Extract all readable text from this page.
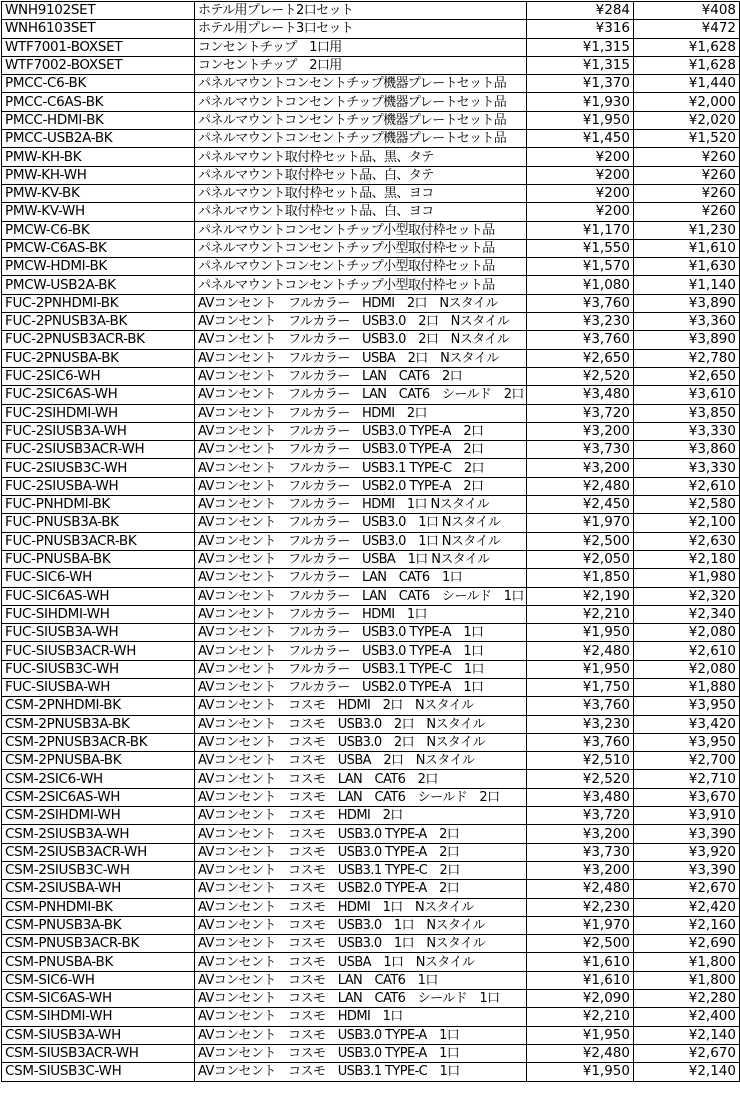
WNH9102SET	ホテル用プレート2口セット	¥284	¥408
WNH6103SET	ホテル用プレート3口セット	¥316	¥472
WTF7001-BOXSET	コンセントチップ　1口用	¥1,315	¥1,628
WTF7002-BOXSET	コンセントチップ　2口用	¥1,315	¥1,628
PMCC-C6-BK	パネルマウントコンセントチップ機器プレートセット品	¥1,370	¥1,440
PMCC-C6AS-BK	パネルマウントコンセントチップ機器プレートセット品	¥1,930	¥2,000
PMCC-HDMI-BK	パネルマウントコンセントチップ機器プレートセット品	¥1,950	¥2,020
PMCC-USB2A-BK	パネルマウントコンセントチップ機器プレートセット品	¥1,450	¥1,520
PMW-KH-BK	パネルマウント取付枠セット品、黒、タテ	¥200	¥260
PMW-KH-WH	パネルマウント取付枠セット品、白、タテ	¥200	¥260
PMW-KV-BK	パネルマウント取付枠セット品、黒、ヨコ	¥200	¥260
PMW-KV-WH	パネルマウント取付枠セット品、白、ヨコ	¥200	¥260
PMCW-C6-BK	パネルマウントコンセントチップ小型取付枠セット品	¥1,170	¥1,230
PMCW-C6AS-BK	パネルマウントコンセントチップ小型取付枠セット品	¥1,550	¥1,610
PMCW-HDMI-BK	パネルマウントコンセントチップ小型取付枠セット品	¥1,570	¥1,630
PMCW-USB2A-BK	パネルマウントコンセントチップ小型取付枠セット品	¥1,080	¥1,140
FUC-2PNHDMI-BK	AVコンセント　フルカラー　HDMI　2口　Nスタイル	¥3,760	¥3,890
FUC-2PNUSB3A-BK	AVコンセント　フルカラー　USB3.0　2口　Nスタイル	¥3,230	¥3,360
FUC-2PNUSB3ACR-BK	AVコンセント　フルカラー　USB3.0　2口　Nスタイル	¥3,760	¥3,890
FUC-2PNUSBA-BK	AVコンセント　フルカラー　USBA　2口　Nスタイル	¥2,650	¥2,780
FUC-2SIC6-WH	AVコンセント　フルカラー　LAN　CAT6　2口	¥2,520	¥2,650
FUC-2SIC6AS-WH	AVコンセント　フルカラー　LAN　CAT6　シールド　2口	¥3,480	¥3,610
FUC-2SIHDMI-WH	AVコンセント　フルカラー　HDMI　2口	¥3,720	¥3,850
FUC-2SIUSB3A-WH	AVコンセント　フルカラー　USB3.0 TYPE-A　2口	¥3,200	¥3,330
FUC-2SIUSB3ACR-WH	AVコンセント　フルカラー　USB3.0 TYPE-A　2口	¥3,730	¥3,860
FUC-2SIUSB3C-WH	AVコンセント　フルカラー　USB3.1 TYPE-C　2口	¥3,200	¥3,330
FUC-2SIUSBA-WH	AVコンセント　フルカラー　USB2.0 TYPE-A　2口	¥2,480	¥2,610
FUC-PNHDMI-BK	AVコンセント　フルカラー　HDMI　1口 Nスタイル	¥2,450	¥2,580
FUC-PNUSB3A-BK	AVコンセント　フルカラー　USB3.0　1口 Nスタイル	¥1,970	¥2,100
FUC-PNUSB3ACR-BK	AVコンセント　フルカラー　USB3.0　1口 Nスタイル	¥2,500	¥2,630
FUC-PNUSBA-BK	AVコンセント　フルカラー　USBA　1口 Nスタイル	¥2,050	¥2,180
FUC-SIC6-WH	AVコンセント　フルカラー　LAN　CAT6　1口	¥1,850	¥1,980
FUC-SIC6AS-WH	AVコンセント　フルカラー　LAN　CAT6　シールド　1口	¥2,190	¥2,320
FUC-SIHDMI-WH	AVコンセント　フルカラー　HDMI　1口	¥2,210	¥2,340
FUC-SIUSB3A-WH	AVコンセント　フルカラー　USB3.0 TYPE-A　1口	¥1,950	¥2,080
FUC-SIUSB3ACR-WH	AVコンセント　フルカラー　USB3.0 TYPE-A　1口	¥2,480	¥2,610
FUC-SIUSB3C-WH	AVコンセント　フルカラー　USB3.1 TYPE-C　1口	¥1,950	¥2,080
FUC-SIUSBA-WH	AVコンセント　フルカラー　USB2.0 TYPE-A　1口	¥1,750	¥1,880
CSM-2PNHDMI-BK	AVコンセント　コスモ　HDMI　2口　Nスタイル	¥3,760	¥3,950
CSM-2PNUSB3A-BK	AVコンセント　コスモ　USB3.0　2口　Nスタイル	¥3,230	¥3,420
CSM-2PNUSB3ACR-BK	AVコンセント　コスモ　USB3.0　2口　Nスタイル	¥3,760	¥3,950
CSM-2PNUSBA-BK	AVコンセント　コスモ　USBA　2口　Nスタイル	¥2,510	¥2,700
CSM-2SIC6-WH	AVコンセント　コスモ　LAN　CAT6　2口	¥2,520	¥2,710
CSM-2SIC6AS-WH	AVコンセント　コスモ　LAN　CAT6　シールド　2口	¥3,480	¥3,670
CSM-2SIHDMI-WH	AVコンセント　コスモ　HDMI　2口	¥3,720	¥3,910
CSM-2SIUSB3A-WH	AVコンセント　コスモ　USB3.0 TYPE-A　2口	¥3,200	¥3,390
CSM-2SIUSB3ACR-WH	AVコンセント　コスモ　USB3.0 TYPE-A　2口	¥3,730	¥3,920
CSM-2SIUSB3C-WH	AVコンセント　コスモ　USB3.1 TYPE-C　2口	¥3,200	¥3,390
CSM-2SIUSBA-WH	AVコンセント　コスモ　USB2.0 TYPE-A　2口	¥2,480	¥2,670
CSM-PNHDMI-BK	AVコンセント　コスモ　HDMI　1口　Nスタイル	¥2,230	¥2,420
CSM-PNUSB3A-BK	AVコンセント　コスモ　USB3.0　1口　Nスタイル	¥1,970	¥2,160
CSM-PNUSB3ACR-BK	AVコンセント　コスモ　USB3.0　1口　Nスタイル	¥2,500	¥2,690
CSM-PNUSBA-BK	AVコンセント　コスモ　USBA　1口　Nスタイル	¥1,610	¥1,800
CSM-SIC6-WH	AVコンセント　コスモ　LAN　CAT6　1口	¥1,610	¥1,800
CSM-SIC6AS-WH	AVコンセント　コスモ　LAN　CAT6　シールド　1口	¥2,090	¥2,280
CSM-SIHDMI-WH	AVコンセント　コスモ　HDMI　1口	¥2,210	¥2,400
CSM-SIUSB3A-WH	AVコンセント　コスモ　USB3.0 TYPE-A　1口	¥1,950	¥2,140
CSM-SIUSB3ACR-WH	AVコンセント　コスモ　USB3.0 TYPE-A　1口	¥2,480	¥2,670
CSM-SIUSB3C-WH	AVコンセント　コスモ　USB3.1 TYPE-C　1口	¥1,950	¥2,140
